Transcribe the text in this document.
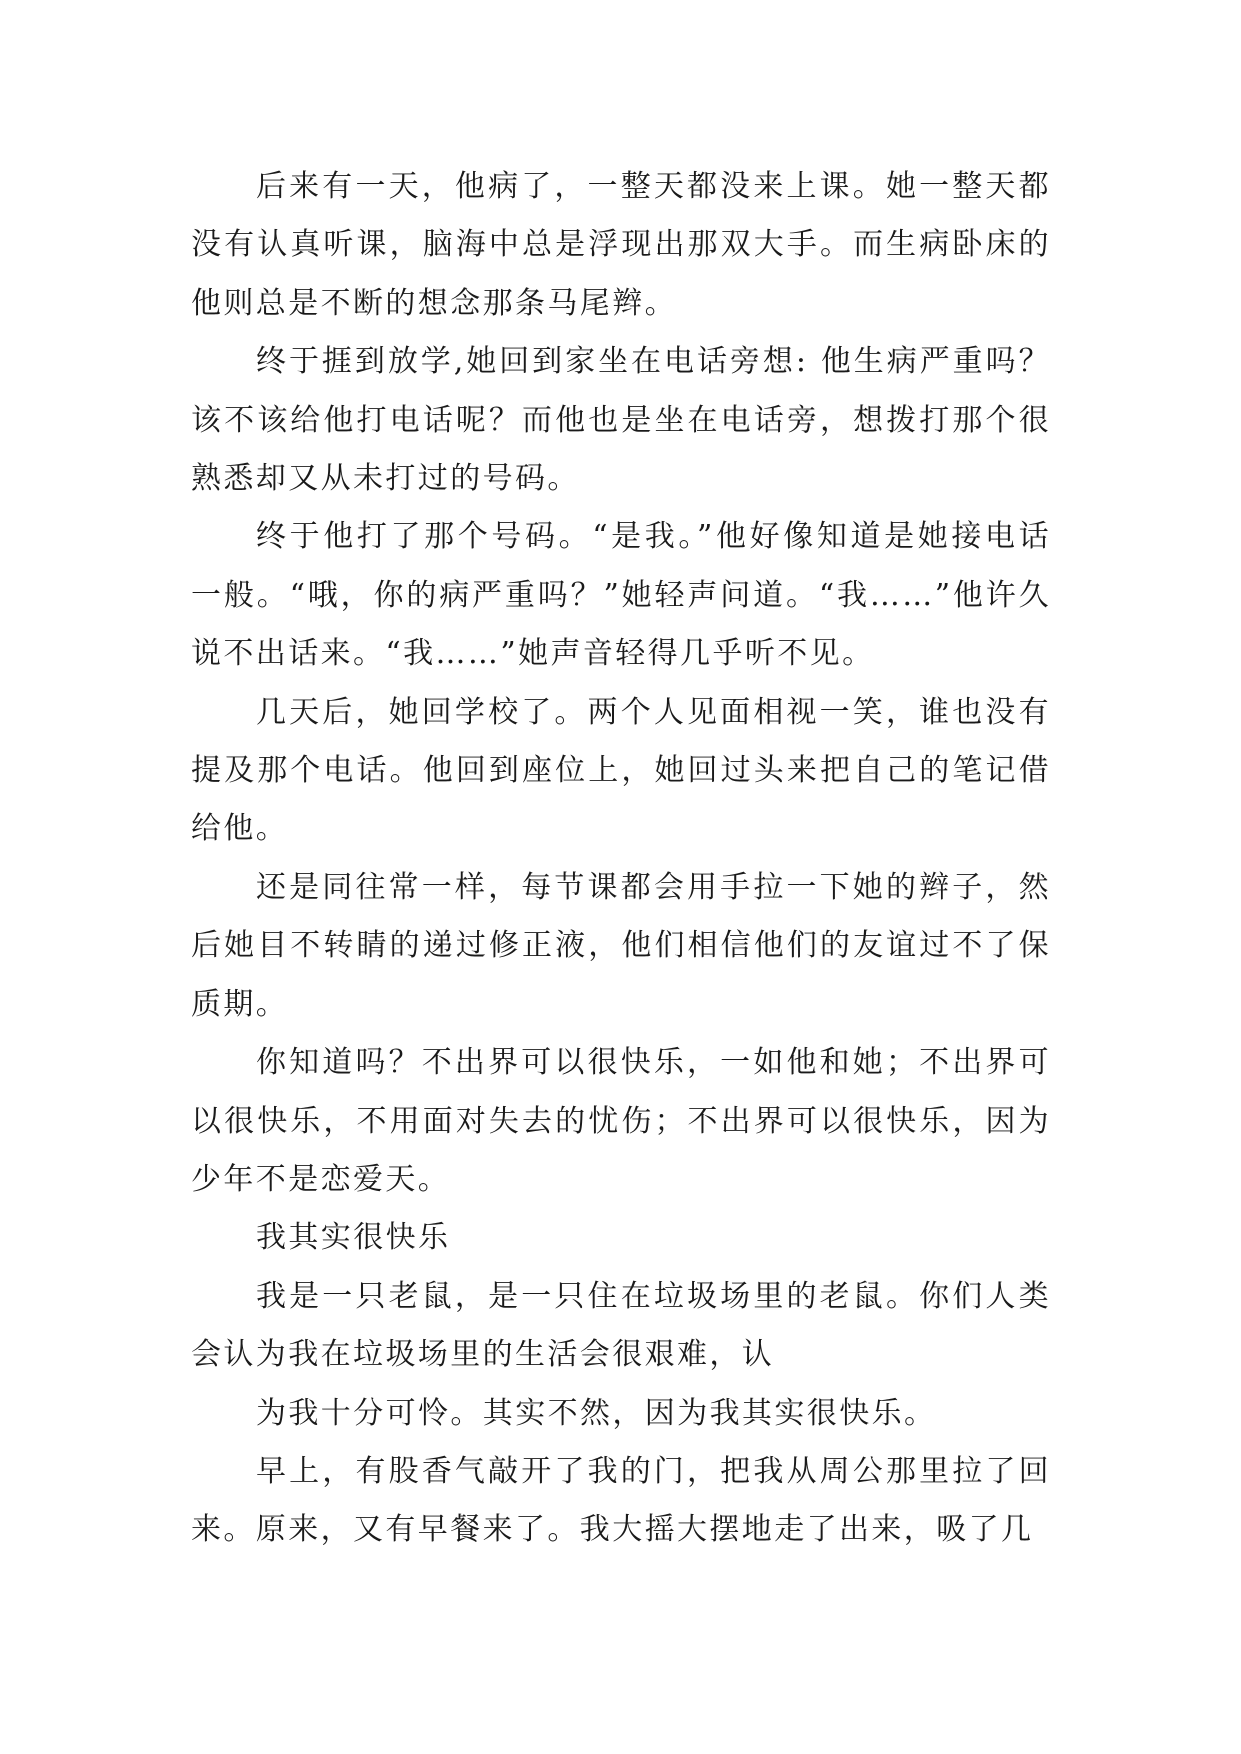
后来有一天，他病了，一整天都没来上课。她一整天都没有认真听课，脑海中总是浮现出那双大手。而生病卧床的他则总是不断的想念那条马尾辫。

终于捱到放学,她回到家坐在电话旁想: 他生病严重吗？该不该给他打电话呢？而他也是坐在电话旁，想拨打那个很熟悉却又从未打过的号码。

终于他打了那个号码。“是我。”他好像知道是她接电话一般。“哦，你的病严重吗？”她轻声问道。“我……”他许久说不出话来。“我……”她声音轻得几乎听不见。

几天后，她回学校了。两个人见面相视一笑，谁也没有提及那个电话。他回到座位上，她回过头来把自己的笔记借给他。

还是同往常一样，每节课都会用手拉一下她的辫子，然后她目不转睛的递过修正液，他们相信他们的友谊过不了保质期。

你知道吗？不出界可以很快乐，一如他和她；不出界可以很快乐，不用面对失去的忧伤；不出界可以很快乐，因为少年不是恋爱天。

我其实很快乐

我是一只老鼠，是一只住在垃圾场里的老鼠。你们人类会认为我在垃圾场里的生活会很艰难，认

为我十分可怜。其实不然，因为我其实很快乐。

早上，有股香气敲开了我的门，把我从周公那里拉了回来。原来，又有早餐来了。我大摇大摆地走了出来，吸了几
